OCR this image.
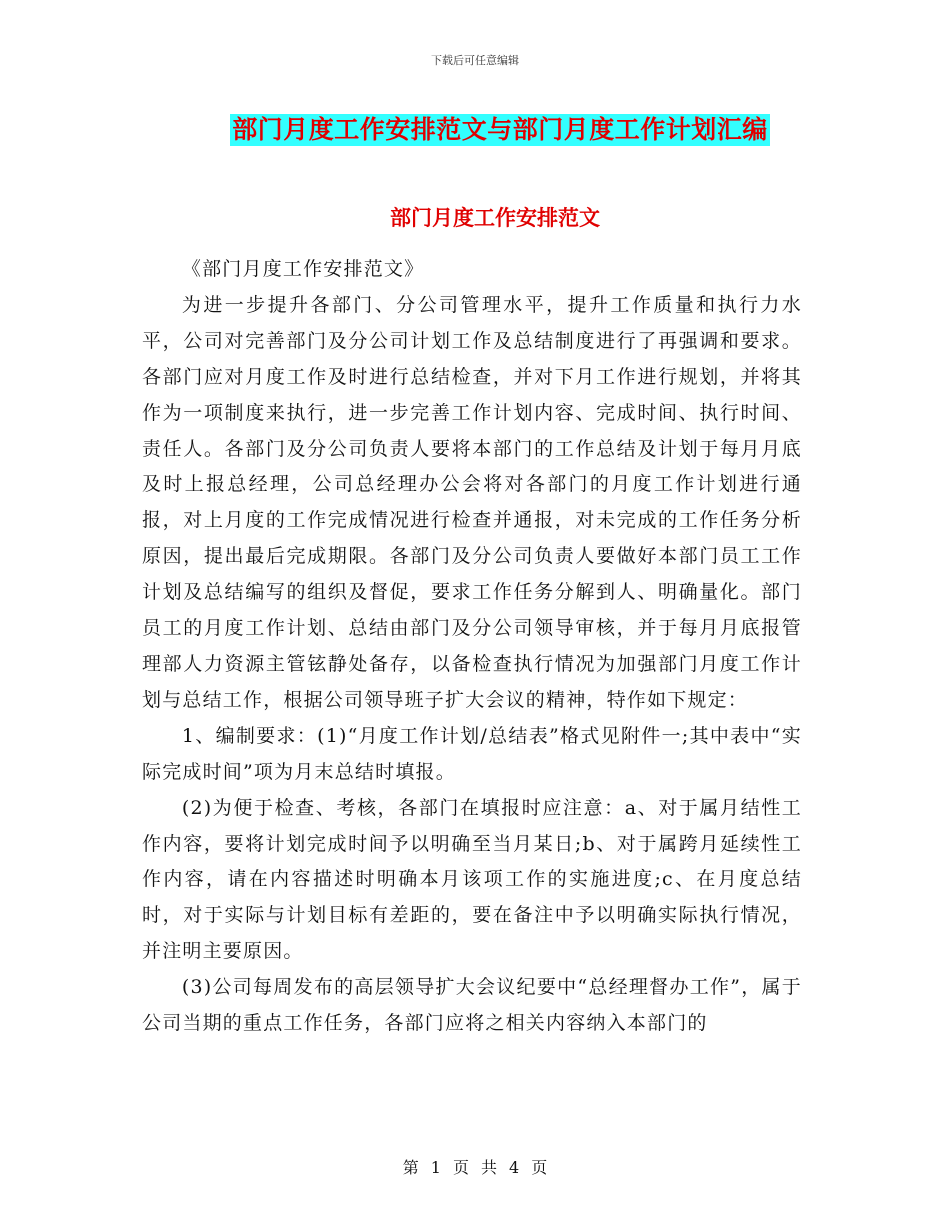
下载后可任意编辑
部门月度工作安排范文与部门月度工作计划汇编
部门月度工作安排范文

《部门月度工作安排范文》

为进一步提升各部门、分公司管理水平，提升工作质量和执行力水平，公司对完善部门及分公司计划工作及总结制度进行了再强调和要求。各部门应对月度工作及时进行总结检查，并对下月工作进行规划，并将其作为一项制度来执行，进一步完善工作计划内容、完成时间、执行时间、责任人。各部门及分公司负责人要将本部门的工作总结及计划于每月月底及时上报总经理，公司总经理办公会将对各部门的月度工作计划进行通报，对上月度的工作完成情况进行检查并通报，对未完成的工作任务分析原因，提出最后完成期限。各部门及分公司负责人要做好本部门员工工作计划及总结编写的组织及督促，要求工作任务分解到人、明确量化。部门员工的月度工作计划、总结由部门及分公司领导审核，并于每月月底报管理部人力资源主管铉静处备存，以备检查执行情况为加强部门月度工作计划与总结工作，根据公司领导班子扩大会议的精神，特作如下规定：

1、编制要求：(1)“月度工作计划/总结表”格式见附件一;其中表中“实际完成时间”项为月末总结时填报。

(2)为便于检查、考核，各部门在填报时应注意：a、对于属月结性工作内容，要将计划完成时间予以明确至当月某日;b、对于属跨月延续性工作内容，请在内容描述时明确本月该项工作的实施进度;c、在月度总结时，对于实际与计划目标有差距的，要在备注中予以明确实际执行情况，并注明主要原因。

(3)公司每周发布的高层领导扩大会议纪要中“总经理督办工作”，属于公司当期的重点工作任务，各部门应将之相关内容纳入本部门的

第 1 页 共 4 页
